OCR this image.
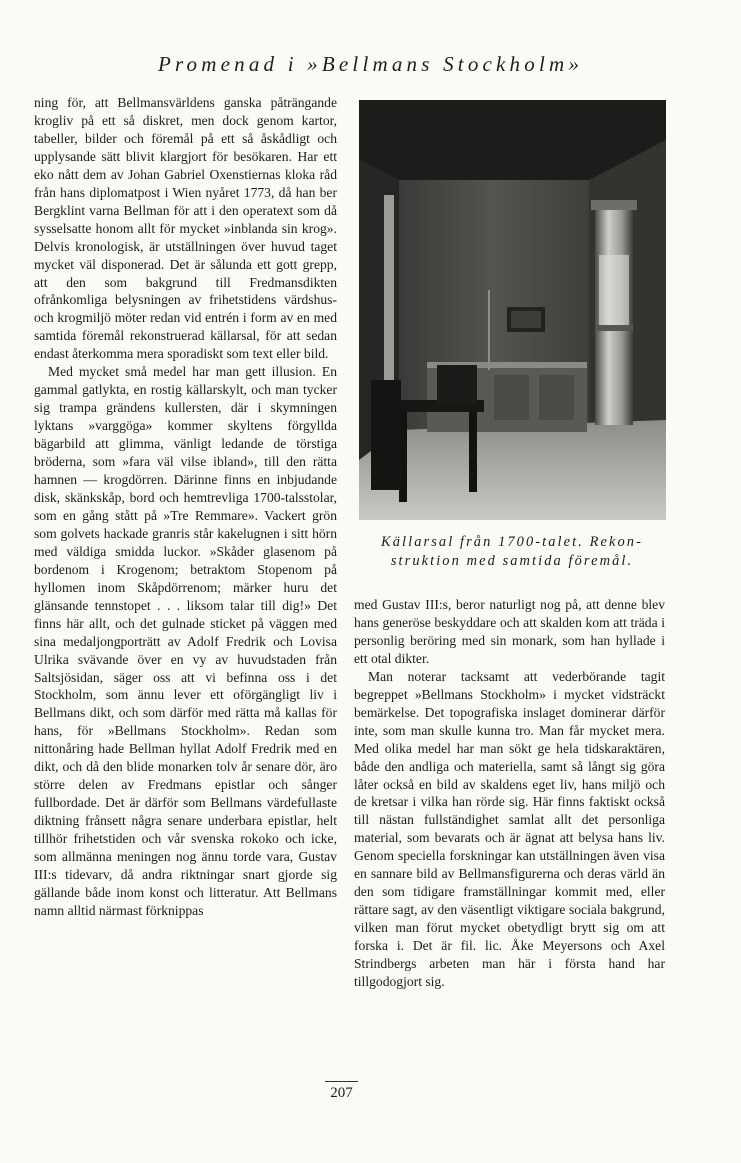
Promenad i »Bellmans Stockholm»

ning för, att Bellmansvärldens ganska påträngande krogliv på ett så diskret, men dock genom kartor, tabeller, bilder och föremål på ett så åskådligt och upplysande sätt blivit klargjort för besökaren. Har ett eko nått dem av Johan Gabriel Oxenstiernas kloka råd från hans diplomatpost i Wien nyåret 1773, då han ber Bergklint varna Bellman för att i den operatext som då sysselsatte honom allt för mycket »inblanda sin krog». Delvis kronologisk, är utställningen över huvud taget mycket väl disponerad. Det är sålunda ett gott grepp, att den som bakgrund till Fredmansdikten ofrånkomliga belysningen av frihetstidens värdshus- och krogmiljö möter redan vid entrén i form av en med samtida föremål rekonstruerad källarsal, för att sedan endast återkomma mera sporadiskt som text eller bild.

Med mycket små medel har man gett illusion. En gammal gatlykta, en rostig källarskylt, och man tycker sig trampa grändens kullersten, där i skymningen lyktans »varggöga» kommer skyltens förgyllda bägarbild att glimma, vänligt ledande de törstiga bröderna, som »fara väl vilse ibland», till den rätta hamnen — krogdörren. Därinne finns en inbjudande disk, skänkskåp, bord och hemtrevliga 1700-talsstolar, som en gång stått på »Tre Remmare». Vackert grön som golvets hackade granris står kakelugnen i sitt hörn med väldiga smidda luckor. »Skåder glasenom på bordenom i Krogenom; betraktom Stopenom på hyllomen inom Skåpdörrenom; märker huru det glänsande tennstopet . . . liksom talar till dig!» Det finns här allt, och det gulnade sticket på väggen med sina medaljongporträtt av Adolf Fredrik och Lovisa Ulrika svävande över en vy av huvudstaden från Saltsjösidan, säger oss att vi befinna oss i det Stockholm, som ännu lever ett oförgängligt liv i Bellmans dikt, och som därför med rätta må kallas för hans, för »Bellmans Stockholm». Redan som nittonåring hade Bellman hyllat Adolf Fredrik med en dikt, och då den blide monarken tolv år senare dör, äro större delen av Fredmans epistlar och sånger fullbordade. Det är därför som Bellmans värdefullaste diktning frånsett några senare underbara epistlar, helt tillhör frihetstiden och vår svenska rokoko och icke, som allmänna meningen nog ännu torde vara, Gustav III:s tidevarv, då andra riktningar snart gjorde sig gällande både inom konst och litteratur. Att Bellmans namn alltid närmast förknippas

Källarsal från 1700-talet. Rekon-
struktion med samtida föremål.

med Gustav III:s, beror naturligt nog på, att denne blev hans generöse beskyddare och att skalden kom att träda i personlig beröring med sin monark, som han hyllade i ett otal dikter.

Man noterar tacksamt att vederbörande tagit begreppet »Bellmans Stockholm» i mycket vidsträckt bemärkelse. Det topografiska inslaget dominerar därför inte, som man skulle kunna tro. Man får mycket mera. Med olika medel har man sökt ge hela tidskaraktären, både den andliga och materiella, samt så långt sig göra låter också en bild av skaldens eget liv, hans miljö och de kretsar i vilka han rörde sig. Här finns faktiskt också till nästan fullständighet samlat allt det personliga material, som bevarats och är ägnat att belysa hans liv. Genom speciella forskningar kan utställningen även visa en sannare bild av Bellmansfigurerna och deras värld än den som tidigare framställningar kommit med, eller rättare sagt, av den väsentligt viktigare sociala bakgrund, vilken man förut mycket obetydligt brytt sig om att forska i. Det är fil. lic. Åke Meyersons och Axel Strindbergs arbeten man här i första hand har tillgodogjort sig.

207
